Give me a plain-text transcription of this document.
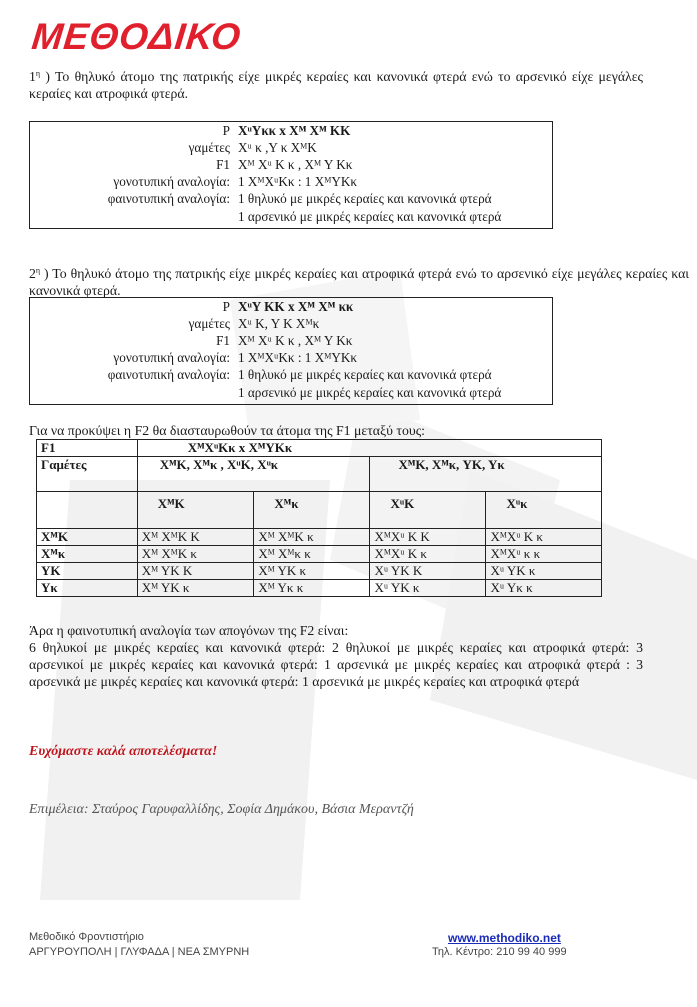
ΜΕΘΟΔΙΚΟ

$1^\eta$ ) Το θηλυκό άτομο της πατρικής είχε μικρές κεραίες και κανονικά φτερά ενώ το αρσενικό είχε μεγάλες κεραίες και ατροφικά φτερά.

P XᵘYκκ x Xᴹ Xᴹ KK
γαμέτες Xᵘ κ ,Y κ XᴹK
F1 Xᴹ Xᵘ K κ , Xᴹ Y Kκ
γονοτυπική αναλογία: 1 XᴹXᵘKκ : 1 XᴹYKκ
φαινοτυπική αναλογία: 1 θηλυκό με μικρές κεραίες και κανονικά φτερά
1 αρσενικό με μικρές κεραίες και κανονικά φτερά

$2^\eta$ ) Το θηλυκό άτομο της πατρικής είχε μικρές κεραίες και ατροφικά φτερά ενώ το αρσενικό είχε μεγάλες κεραίες και κανονικά φτερά.

P XᵘY KK x Xᴹ Xᴹ κκ
γαμέτες Xᵘ K, Y K Xᴹκ
F1 Xᴹ Xᵘ K κ , Xᴹ Y Kκ
γονοτυπική αναλογία: 1 XᴹXᵘKκ : 1 XᴹYKκ
φαινοτυπική αναλογία: 1 θηλυκό με μικρές κεραίες και κανονικά φτερά
1 αρσενικό με μικρές κεραίες και κανονικά φτερά

Για να προκύψει η F2 θα διασταυρωθούν τα άτομα της F1 μεταξύ τους:

F1	XᴹXᵘKκ x XᴹYKκ			
Γαμέτες	XᴹK, Xᴹκ , XᵘK, Xᵘκ		XᴹK, Xᴹκ, YK, Yκ	
	XᴹK	Xᴹκ	XᵘK	Xᵘκ
XᴹK	Xᴹ XᴹK K	Xᴹ XᴹK κ	XᴹXᵘ K K	XᴹXᵘ K κ
Xᴹκ	Xᴹ XᴹK κ	Xᴹ Xᴹκ κ	XᴹXᵘ K κ	XᴹXᵘ κ κ
YK	Xᴹ YK K	Xᴹ YK κ	Xᵘ YK K	Xᵘ YK κ
Yκ	Xᴹ YK κ	Xᴹ Yκ κ	Xᵘ YK κ	Xᵘ Yκ κ

Άρα η φαινοτυπική αναλογία των απογόνων της F2 είναι:

6 θηλυκοί με μικρές κεραίες και κανονικά φτερά: 2 θηλυκοί με μικρές κεραίες και ατροφικά φτερά: 3 αρσενικοί με μικρές κεραίες και κανονικά φτερά: 1 αρσενικά με μικρές κεραίες και ατροφικά φτερά : 3 αρσενικά με μικρές κεραίες και κανονικά φτερά: 1 αρσενικά με μικρές κεραίες και ατροφικά φτερά

Ευχόμαστε καλά αποτελέσματα!
Επιμέλεια: Σταύρος Γαρυφαλλίδης, Σοφία Δημάκου, Βάσια Μεραντζή
Μεθοδικό Φροντιστήριο
ΑΡΓΥΡΟΥΠΟΛΗ | ΓΛΥΦΑΔΑ | ΝΕΑ ΣΜΥΡΝΗ
www.methodiko.net
Τηλ. Κέντρο: 210 99 40 999
